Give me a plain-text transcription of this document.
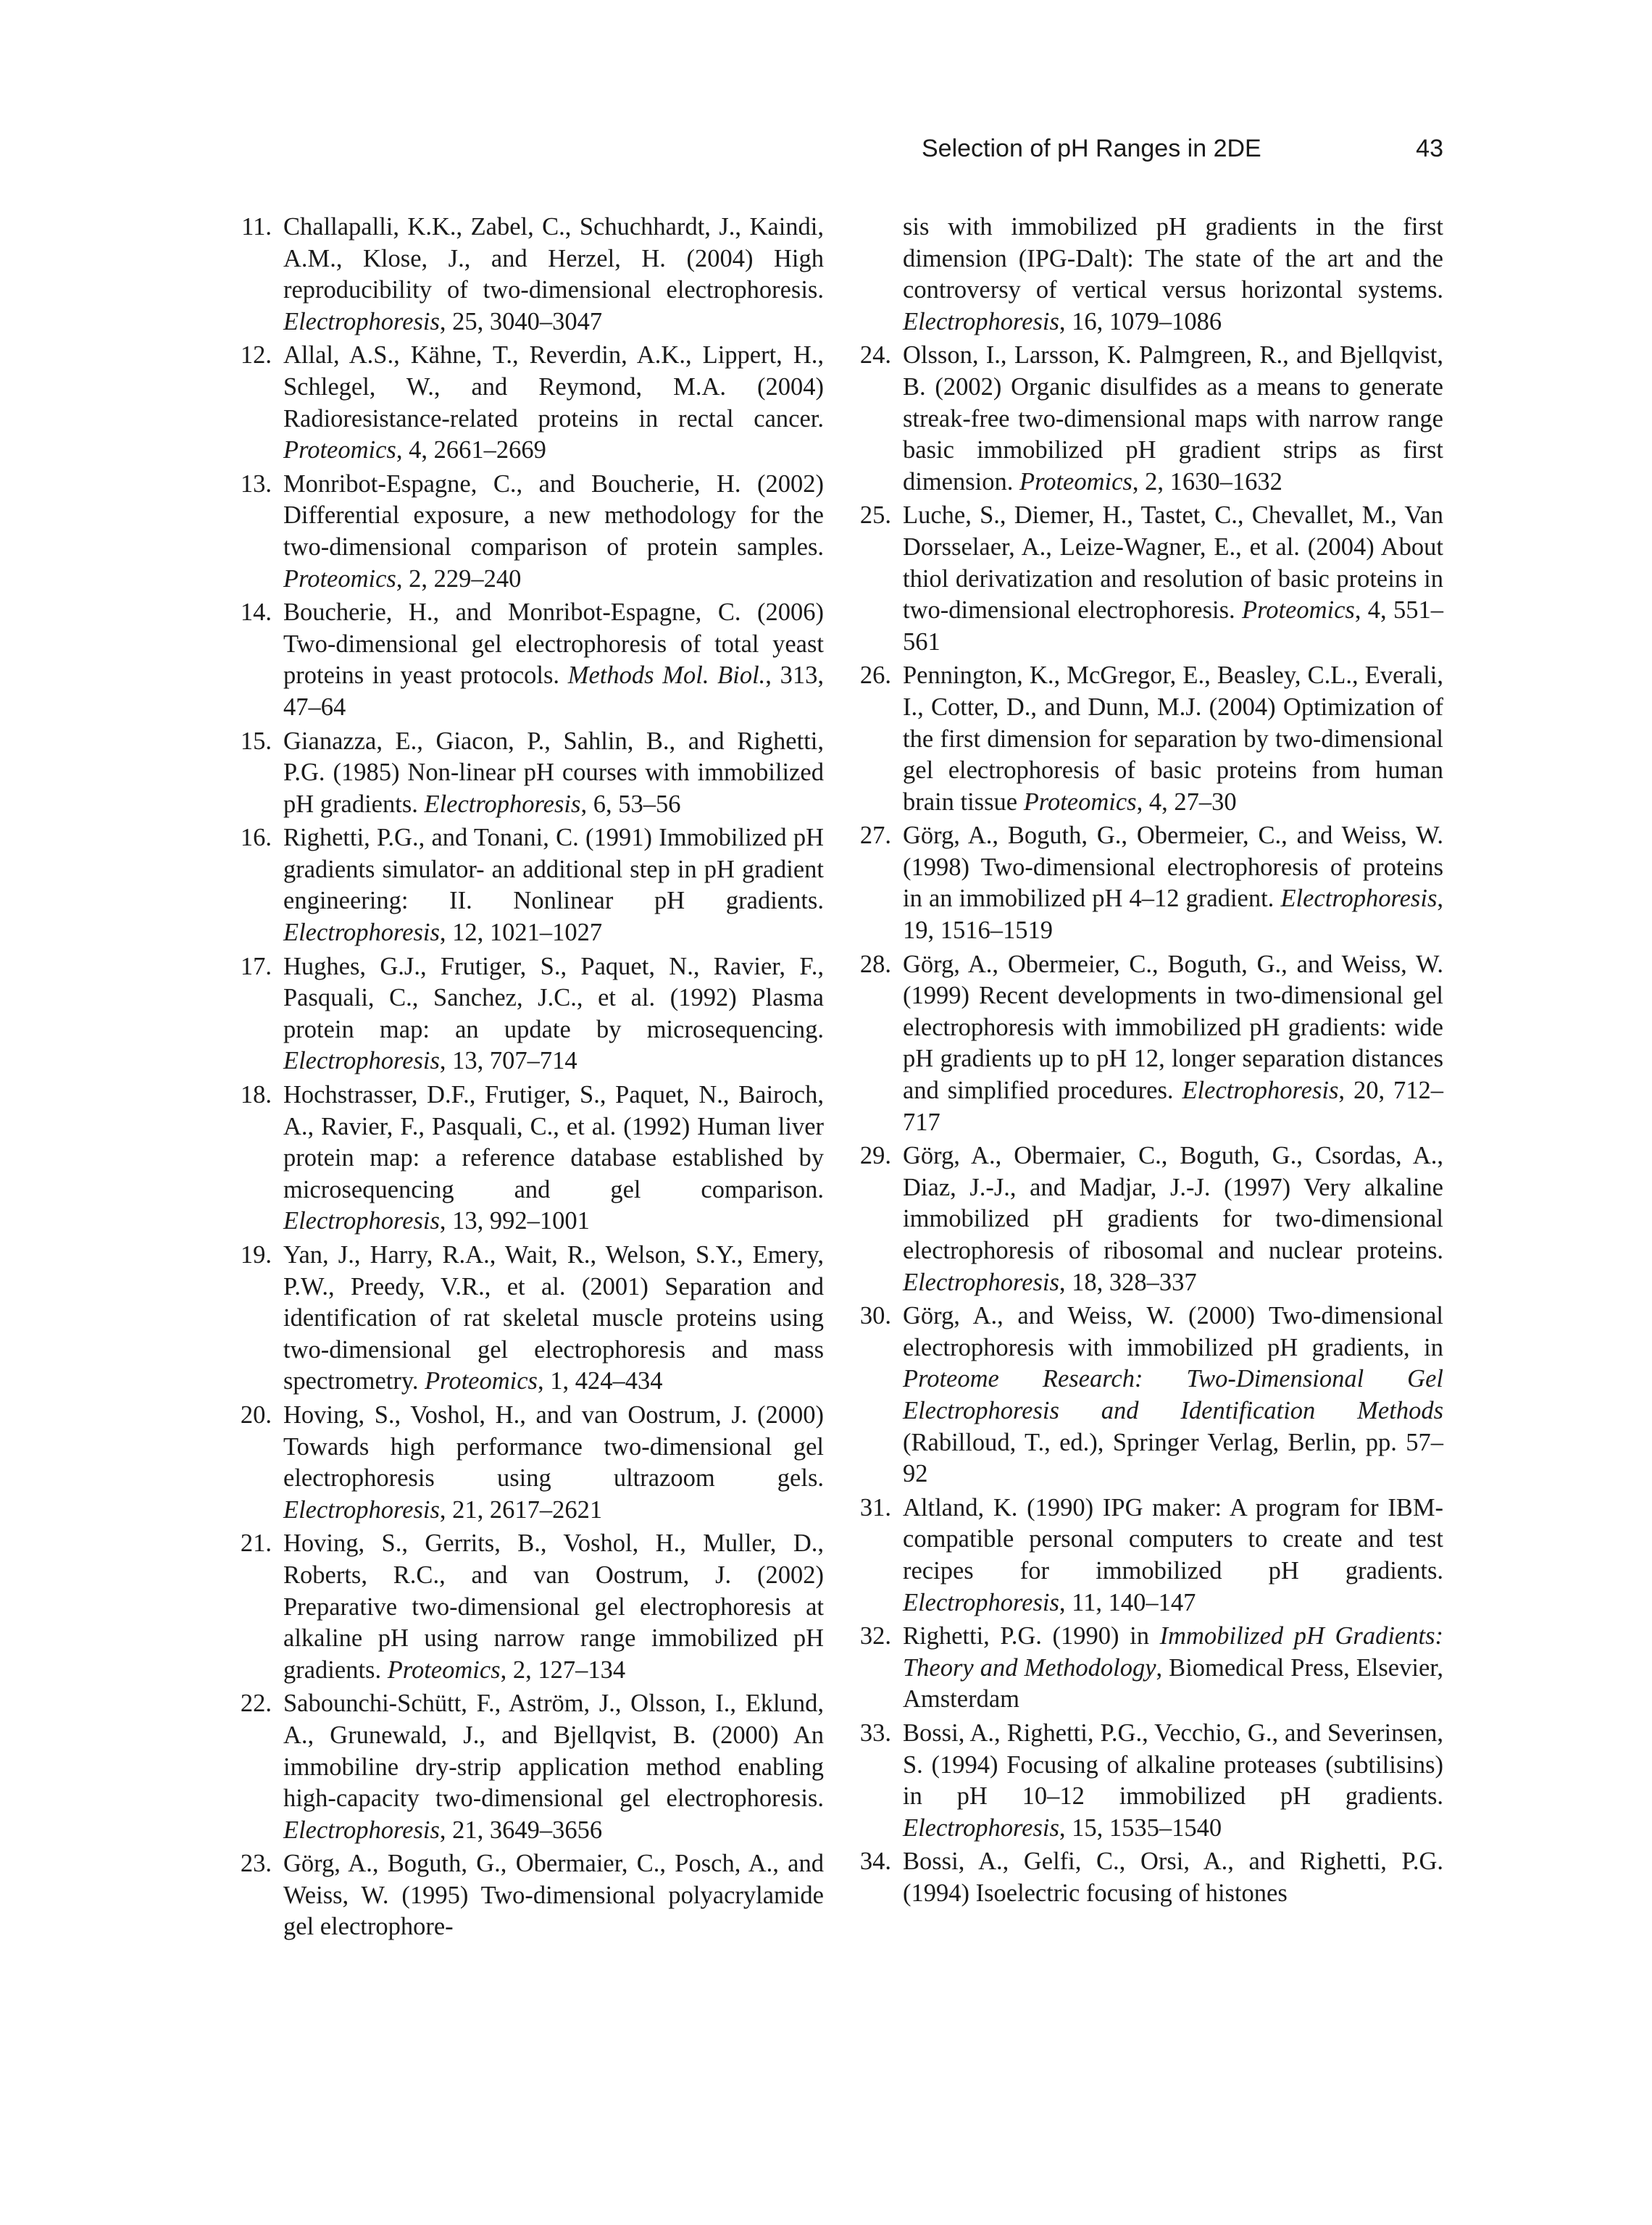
Selection of pH Ranges in 2DE	43
11. Challapalli, K.K., Zabel, C., Schuchhardt, J., Kaindi, A.M., Klose, J., and Herzel, H. (2004) High reproducibility of two-dimensional electrophoresis. Electrophoresis, 25, 3040–3047
12. Allal, A.S., Kähne, T., Reverdin, A.K., Lippert, H., Schlegel, W., and Reymond, M.A. (2004) Radioresistance-related proteins in rectal cancer. Proteomics, 4, 2661–2669
13. Monribot-Espagne, C., and Boucherie, H. (2002) Differential exposure, a new methodology for the two-dimensional comparison of protein samples. Proteomics, 2, 229–240
14. Boucherie, H., and Monribot-Espagne, C. (2006) Two-dimensional gel electrophoresis of total yeast proteins in yeast protocols. Methods Mol. Biol., 313, 47–64
15. Gianazza, E., Giacon, P., Sahlin, B., and Righetti, P.G. (1985) Non-linear pH courses with immobilized pH gradients. Electrophoresis, 6, 53–56
16. Righetti, P.G., and Tonani, C. (1991) Immobilized pH gradients simulator- an additional step in pH gradient engineering: II. Nonlinear pH gradients. Electrophoresis, 12, 1021–1027
17. Hughes, G.J., Frutiger, S., Paquet, N., Ravier, F., Pasquali, C., Sanchez, J.C., et al. (1992) Plasma protein map: an update by microsequencing. Electrophoresis, 13, 707–714
18. Hochstrasser, D.F., Frutiger, S., Paquet, N., Bairoch, A., Ravier, F., Pasquali, C., et al. (1992) Human liver protein map: a reference database established by microsequencing and gel comparison. Electrophoresis, 13, 992–1001
19. Yan, J., Harry, R.A., Wait, R., Welson, S.Y., Emery, P.W., Preedy, V.R., et al. (2001) Separation and identification of rat skeletal muscle proteins using two-dimensional gel electrophoresis and mass spectrometry. Proteomics, 1, 424–434
20. Hoving, S., Voshol, H., and van Oostrum, J. (2000) Towards high performance two-dimensional gel electrophoresis using ultrazoom gels. Electrophoresis, 21, 2617–2621
21. Hoving, S., Gerrits, B., Voshol, H., Muller, D., Roberts, R.C., and van Oostrum, J. (2002) Preparative two-dimensional gel electrophoresis at alkaline pH using narrow range immobilized pH gradients. Proteomics, 2, 127–134
22. Sabounchi-Schütt, F., Aström, J., Olsson, I., Eklund, A., Grunewald, J., and Bjellqvist, B. (2000) An immobiline dry-strip application method enabling high-capacity two-dimensional gel electrophoresis. Electrophoresis, 21, 3649–3656
23. Görg, A., Boguth, G., Obermaier, C., Posch, A., and Weiss, W. (1995) Two-dimensional polyacrylamide gel electrophore-
sis with immobilized pH gradients in the first dimension (IPG-Dalt): The state of the art and the controversy of vertical versus horizontal systems. Electrophoresis, 16, 1079–1086
24. Olsson, I., Larsson, K. Palmgreen, R., and Bjellqvist, B. (2002) Organic disulfides as a means to generate streak-free two-dimensional maps with narrow range basic immobilized pH gradient strips as first dimension. Proteomics, 2, 1630–1632
25. Luche, S., Diemer, H., Tastet, C., Chevallet, M., Van Dorsselaer, A., Leize-Wagner, E., et al. (2004) About thiol derivatization and resolution of basic proteins in two-dimensional electrophoresis. Proteomics, 4, 551–561
26. Pennington, K., McGregor, E., Beasley, C.L., Everali, I., Cotter, D., and Dunn, M.J. (2004) Optimization of the first dimension for separation by two-dimensional gel electrophoresis of basic proteins from human brain tissue Proteomics, 4, 27–30
27. Görg, A., Boguth, G., Obermeier, C., and Weiss, W. (1998) Two-dimensional electrophoresis of proteins in an immobilized pH 4–12 gradient. Electrophoresis, 19, 1516–1519
28. Görg, A., Obermeier, C., Boguth, G., and Weiss, W. (1999) Recent developments in two-dimensional gel electrophoresis with immobilized pH gradients: wide pH gradients up to pH 12, longer separation distances and simplified procedures. Electrophoresis, 20, 712–717
29. Görg, A., Obermaier, C., Boguth, G., Csordas, A., Diaz, J.-J., and Madjar, J.-J. (1997) Very alkaline immobilized pH gradients for two-dimensional electrophoresis of ribosomal and nuclear proteins. Electrophoresis, 18, 328–337
30. Görg, A., and Weiss, W. (2000) Two-dimensional electrophoresis with immobilized pH gradients, in Proteome Research: Two-Dimensional Gel Electrophoresis and Identification Methods (Rabilloud, T., ed.), Springer Verlag, Berlin, pp. 57–92
31. Altland, K. (1990) IPG maker: A program for IBM-compatible personal computers to create and test recipes for immobilized pH gradients. Electrophoresis, 11, 140–147
32. Righetti, P.G. (1990) in Immobilized pH Gradients: Theory and Methodology, Biomedical Press, Elsevier, Amsterdam
33. Bossi, A., Righetti, P.G., Vecchio, G., and Severinsen, S. (1994) Focusing of alkaline proteases (subtilisins) in pH 10–12 immobilized pH gradients. Electrophoresis, 15, 1535–1540
34. Bossi, A., Gelfi, C., Orsi, A., and Righetti, P.G. (1994) Isoelectric focusing of histones
